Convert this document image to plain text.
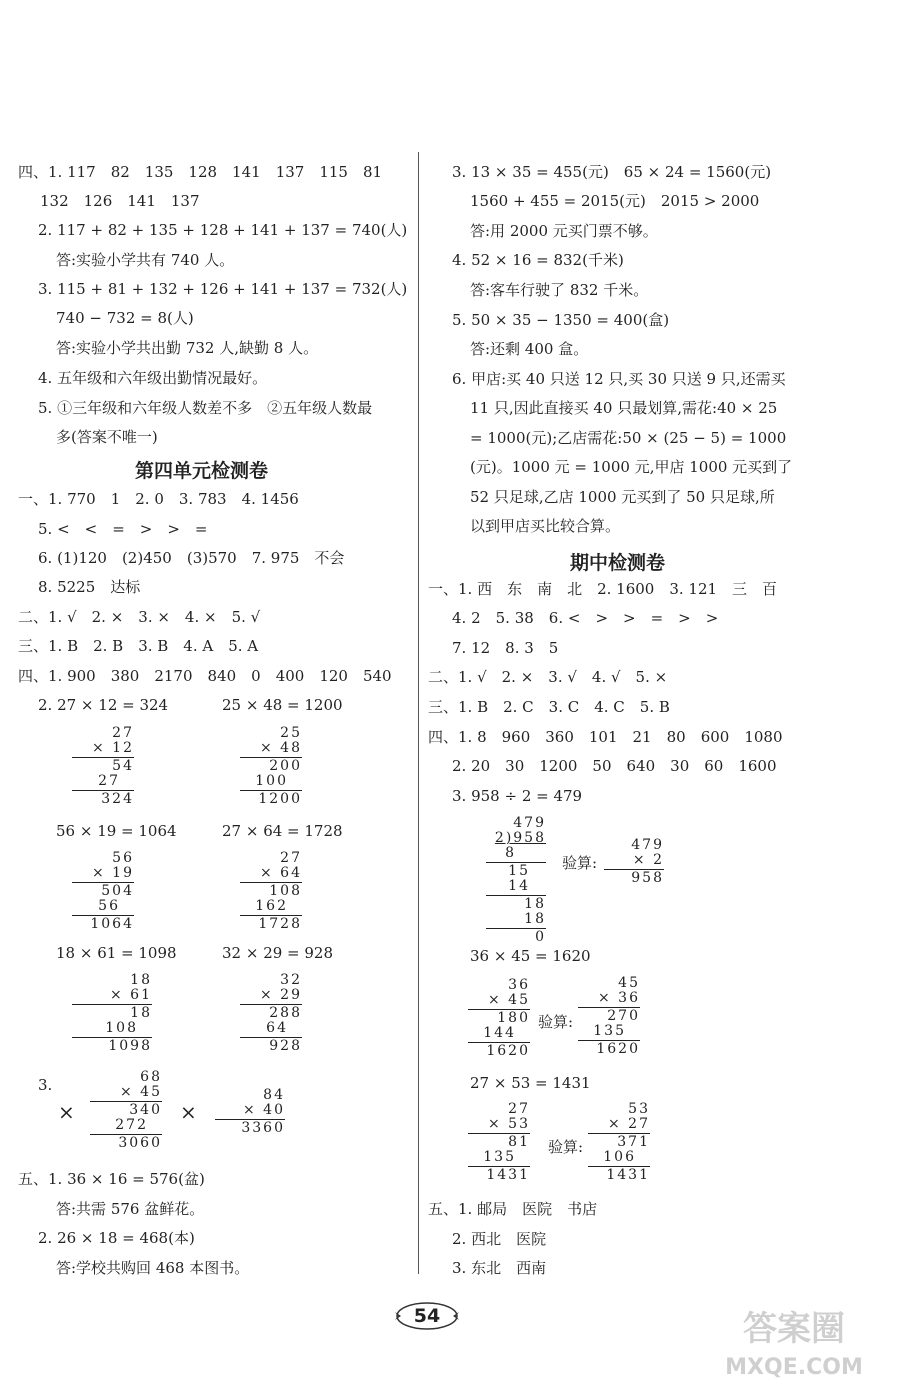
四、1. 117　82　135　128　141　137　115　81
132　126　141　137
2. 117 + 82 + 135 + 128 + 141 + 137 = 740(人)
答:实验小学共有 740 人。
3. 115 + 81 + 132 + 126 + 141 + 137 = 732(人)
740 − 732 = 8(人)
答:实验小学共出勤 732 人,缺勤 8 人。
4. 五年级和六年级出勤情况最好。
5. ①三年级和六年级人数差不多　②五年级人数最
多(答案不唯一)
第四单元检测卷
一、1. 770　1　2. 0　3. 783　4. 1456
5. <　<　=　>　>　=
6. (1)120　(2)450　(3)570　7. 975　不会
8. 5225　达标
二、1. √　2. ×　3. ×　4. ×　5. √
三、1. B　2. B　3. B　4. A　5. A
四、1. 900　380　2170　840　0　400　120　540
2. 27 × 12 = 324	25 × 48 = 1200
27
× 12
54
27
324
25
× 48
200
100
1200
56 × 19 = 1064	27 × 64 = 1728
56
× 19
504
56
1064
27
× 64
108
162
1728
18 × 61 = 1098	32 × 29 = 928
18
× 61
18
108
1098
32
× 29
288
64
928
3.
×
68
× 45
340
272
3060
×
84
× 40
3360
五、1. 36 × 16 = 576(盆)
答:共需 576 盆鲜花。
2. 26 × 18 = 468(本)
答:学校共购回 468 本图书。
3. 13 × 35 = 455(元)　65 × 24 = 1560(元)
1560 + 455 = 2015(元)　2015 > 2000
答:用 2000 元买门票不够。
4. 52 × 16 = 832(千米)
答:客车行驶了 832 千米。
5. 50 × 35 − 1350 = 400(盒)
答:还剩 400 盒。
6. 甲店:买 40 只送 12 只,买 30 只送 9 只,还需买
11 只,因此直接买 40 只最划算,需花:40 × 25
= 1000(元);乙店需花:50 × (25 − 5) = 1000
(元)。1000 元 = 1000 元,甲店 1000 元买到了
52 只足球,乙店 1000 元买到了 50 只足球,所
以到甲店买比较合算。
期中检测卷
一、1. 西　东　南　北　2. 1600　3. 121　三　百
4. 2　5. 38　6. <　>　>　=　>　>
7. 12　8. 3　5
二、1. √　2. ×　3. √　4. √　5. ×
三、1. B　2. C　3. C　4. C　5. B
四、1. 8　960　360　101　21　80　600　1080
2. 20　30　1200　50　640　30　60　1600
3. 958 ÷ 2 = 479
479
2)958
8
15
14
18
18
0
验算:
479
× 2
958
36 × 45 = 1620
36
× 45
180
144
1620
验算:
45
× 36
270
135
1620
27 × 53 = 1431
27
× 53
81
135
1431
验算:
53
× 27
371
106
1431
五、1. 邮局　医院　书店
2. 西北　医院
3. 东北　西南
54	答案圈
MXQE.COM
